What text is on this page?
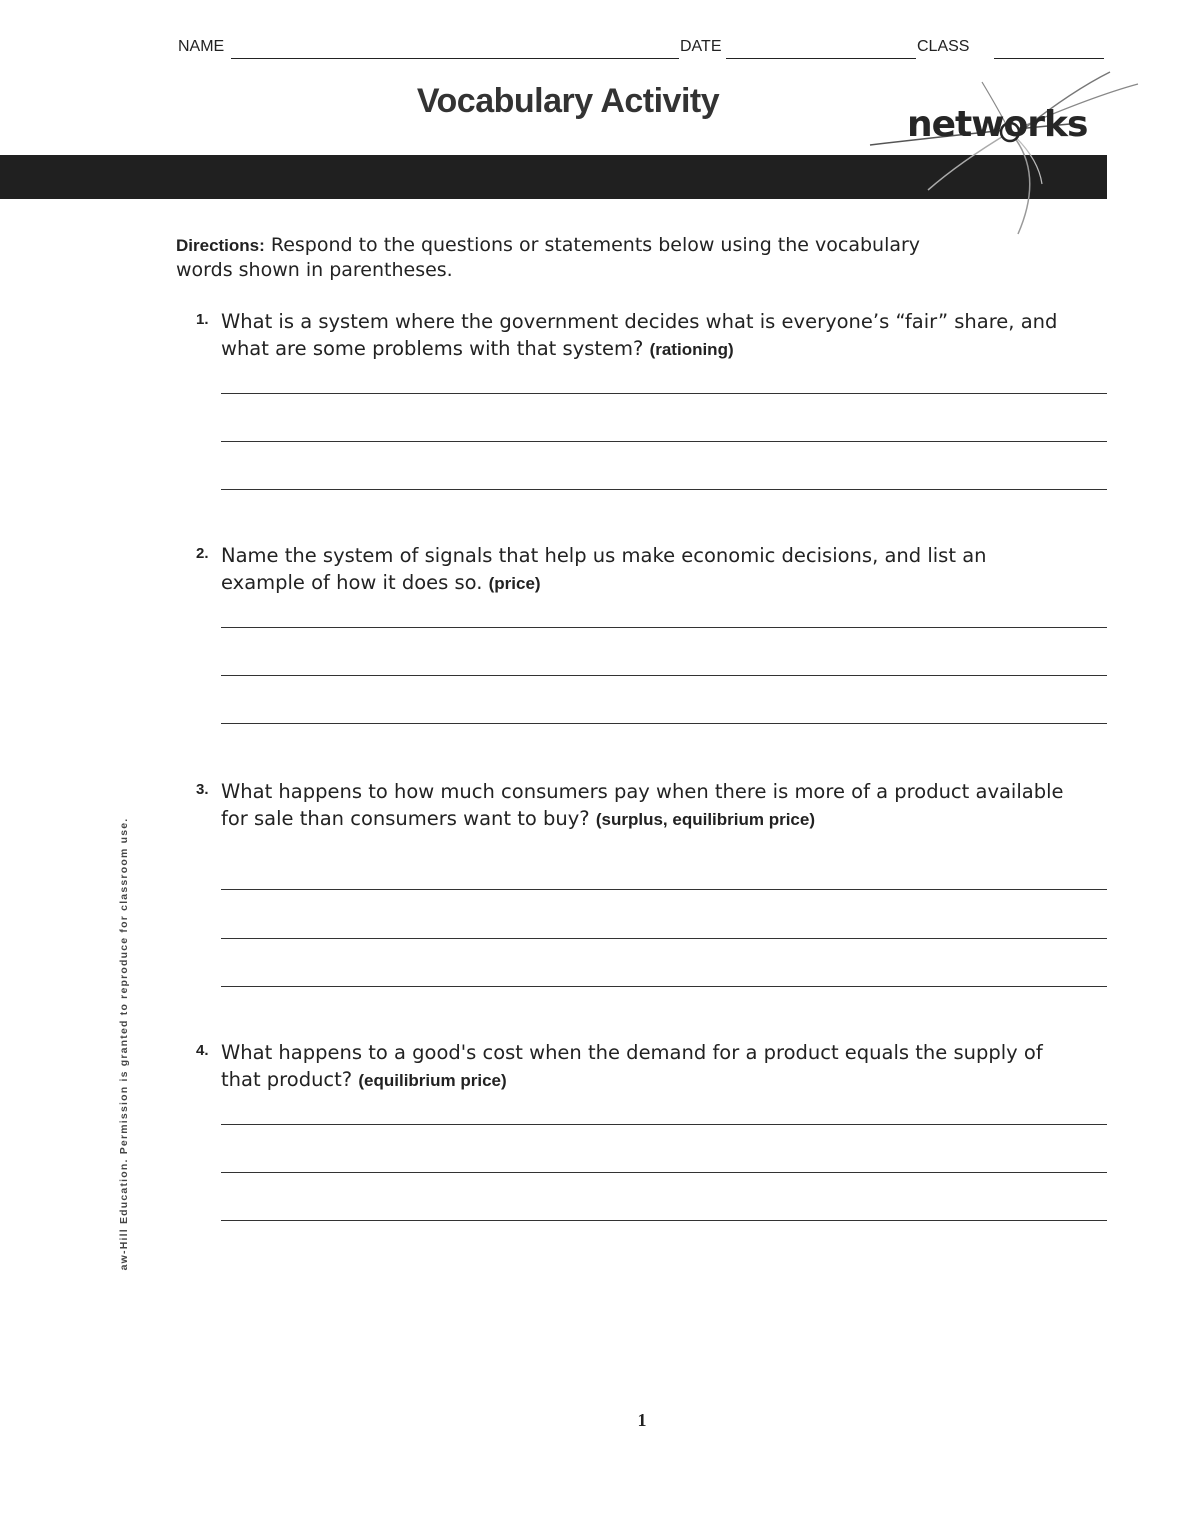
NAME	DATE	CLASS
Vocabulary Activity
networks
Directions: Respond to the questions or statements below using the vocabulary words shown in parentheses.
1. What is a system where the government decides what is everyone’s “fair” share, and what are some problems with that system? (rationing)
2. Name the system of signals that help us make economic decisions, and list an example of how it does so. (price)
3. What happens to how much consumers pay when there is more of a product available for sale than consumers want to buy? (surplus, equilibrium price)
4. What happens to a good's cost when the demand for a product equals the supply of that product? (equilibrium price)
aw-Hill Education. Permission is granted to reproduce for classroom use.
1
